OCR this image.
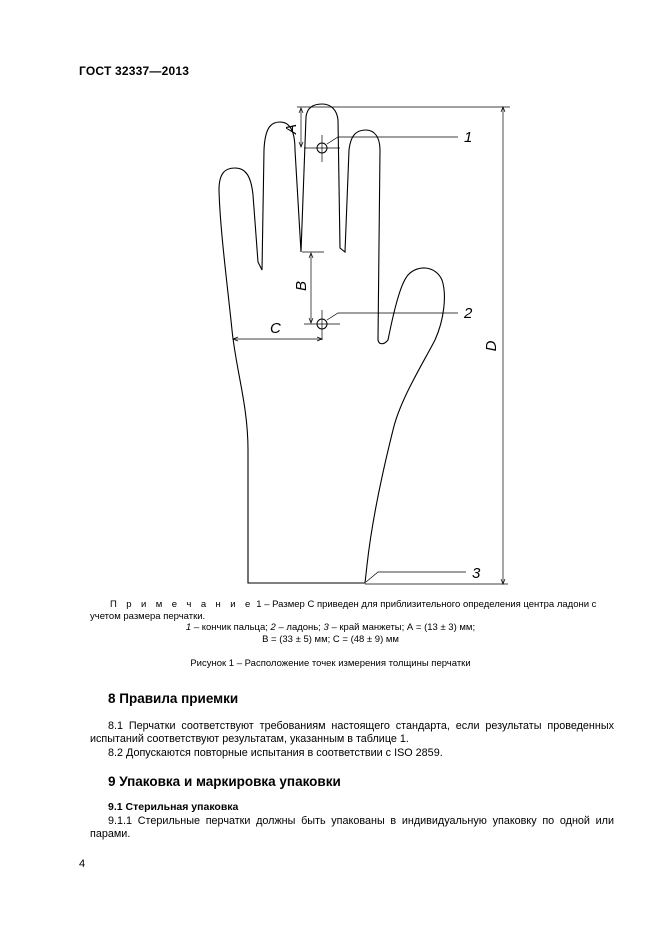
ГОСТ 32337—2013
A
B
C
D
1
2
3
П р и м е ч а н и е 1 – Размер С приведен для приблизительного определения центра ладони с учетом размера перчатки.
1 – кончик пальца; 2 – ладонь; 3 – край манжеты; А = (13 ± 3) мм;
В = (33 ± 5) мм; С = (48 ± 9) мм
Рисунок 1 – Расположение точек измерения толщины перчатки
8 Правила приемки
8.1 Перчатки соответствуют требованиям настоящего стандарта, если результаты проведенных испытаний соответствуют результатам, указанным в таблице 1.
8.2 Допускаются повторные испытания в соответствии с ISO 2859.
9 Упаковка и маркировка упаковки
9.1 Стерильная упаковка
9.1.1 Стерильные перчатки должны быть упакованы в индивидуальную упаковку по одной или парами.
4
